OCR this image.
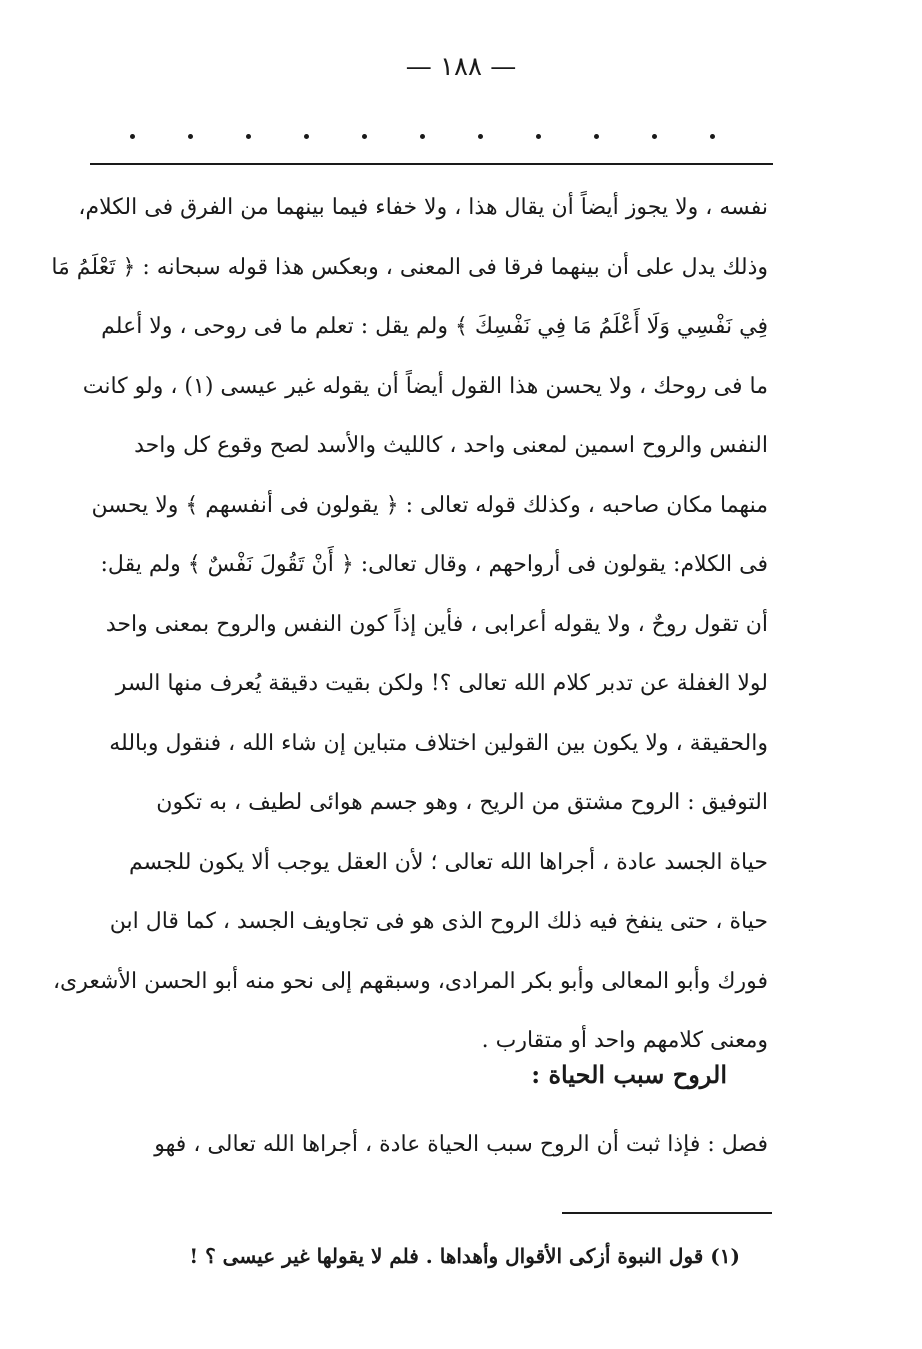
— ١٨٨ —
نفسه ، ولا يجوز أيضاً أن يقال هذا ، ولا خفاء فيما بينهما من الفرق فى الكلام،
وذلك يدل على أن بينهما فرقا فى المعنى ، وبعكس هذا قوله سبحانه : ﴿ تَعْلَمُ مَا
فِي نَفْسِي وَلَا أَعْلَمُ مَا فِي نَفْسِكَ ﴾ ولم يقل : تعلم ما فى روحى ، ولا أعلم
ما فى روحك ، ولا يحسن هذا القول أيضاً أن يقوله غير عيسى (١) ، ولو كانت
النفس والروح اسمين لمعنى واحد ، كالليث والأسد لصح وقوع كل واحد
منهما مكان صاحبه ، وكذلك قوله تعالى : ﴿ يقولون فى أنفسهم ﴾ ولا يحسن
فى الكلام: يقولون فى أرواحهم ، وقال تعالى: ﴿ أَنْ تَقُولَ نَفْسٌ ﴾ ولم يقل:
أن تقول روحٌ ، ولا يقوله أعرابى ، فأين إذاً كون النفس والروح بمعنى واحد
لولا الغفلة عن تدبر كلام الله تعالى ؟! ولكن بقيت دقيقة يُعرف منها السر
والحقيقة ، ولا يكون بين القولين اختلاف متباين إن شاء الله ، فنقول وبالله
التوفيق : الروح مشتق من الريح ، وهو جسم هوائى لطيف ، به تكون
حياة الجسد عادة ، أجراها الله تعالى ؛ لأن العقل يوجب ألا يكون للجسم
حياة ، حتى ينفخ فيه ذلك الروح الذى هو فى تجاويف الجسد ، كما قال ابن
فورك وأبو المعالى وأبو بكر المرادى، وسبقهم إلى نحو منه أبو الحسن الأشعرى،
ومعنى كلامهم واحد أو متقارب .
الروح سبب الحياة :
فصل : فإذا ثبت أن الروح سبب الحياة عادة ، أجراها الله تعالى ، فهو
(١) قول النبوة أزكى الأقوال وأهداها . فلم لا يقولها غير عيسى ؟ !
